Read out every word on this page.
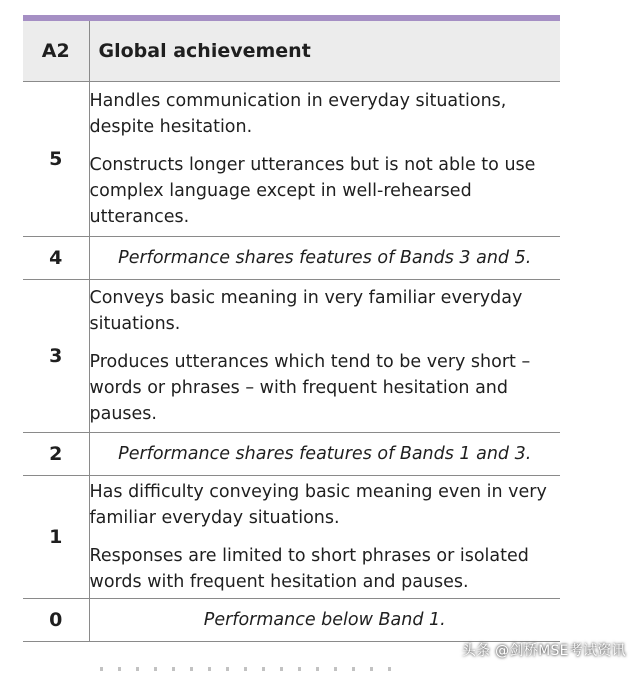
A2	Global achievement
5	Handles communication in everyday situations, despite hesitation.

Constructs longer utterances but is not able to use complex language except in well-rehearsed utterances.

4	Performance shares features of Bands 3 and 5.
3	Conveys basic meaning in very familiar everyday situations.

Produces utterances which tend to be very short – words or phrases – with frequent hesitation and pauses.

2	Performance shares features of Bands 1 and 3.
1	Has difficulty conveying basic meaning even in very familiar everyday situations.

Responses are limited to short phrases or isolated words with frequent hesitation and pauses.

0	Performance below Band 1.
头条 @剑桥MSE考试资讯
